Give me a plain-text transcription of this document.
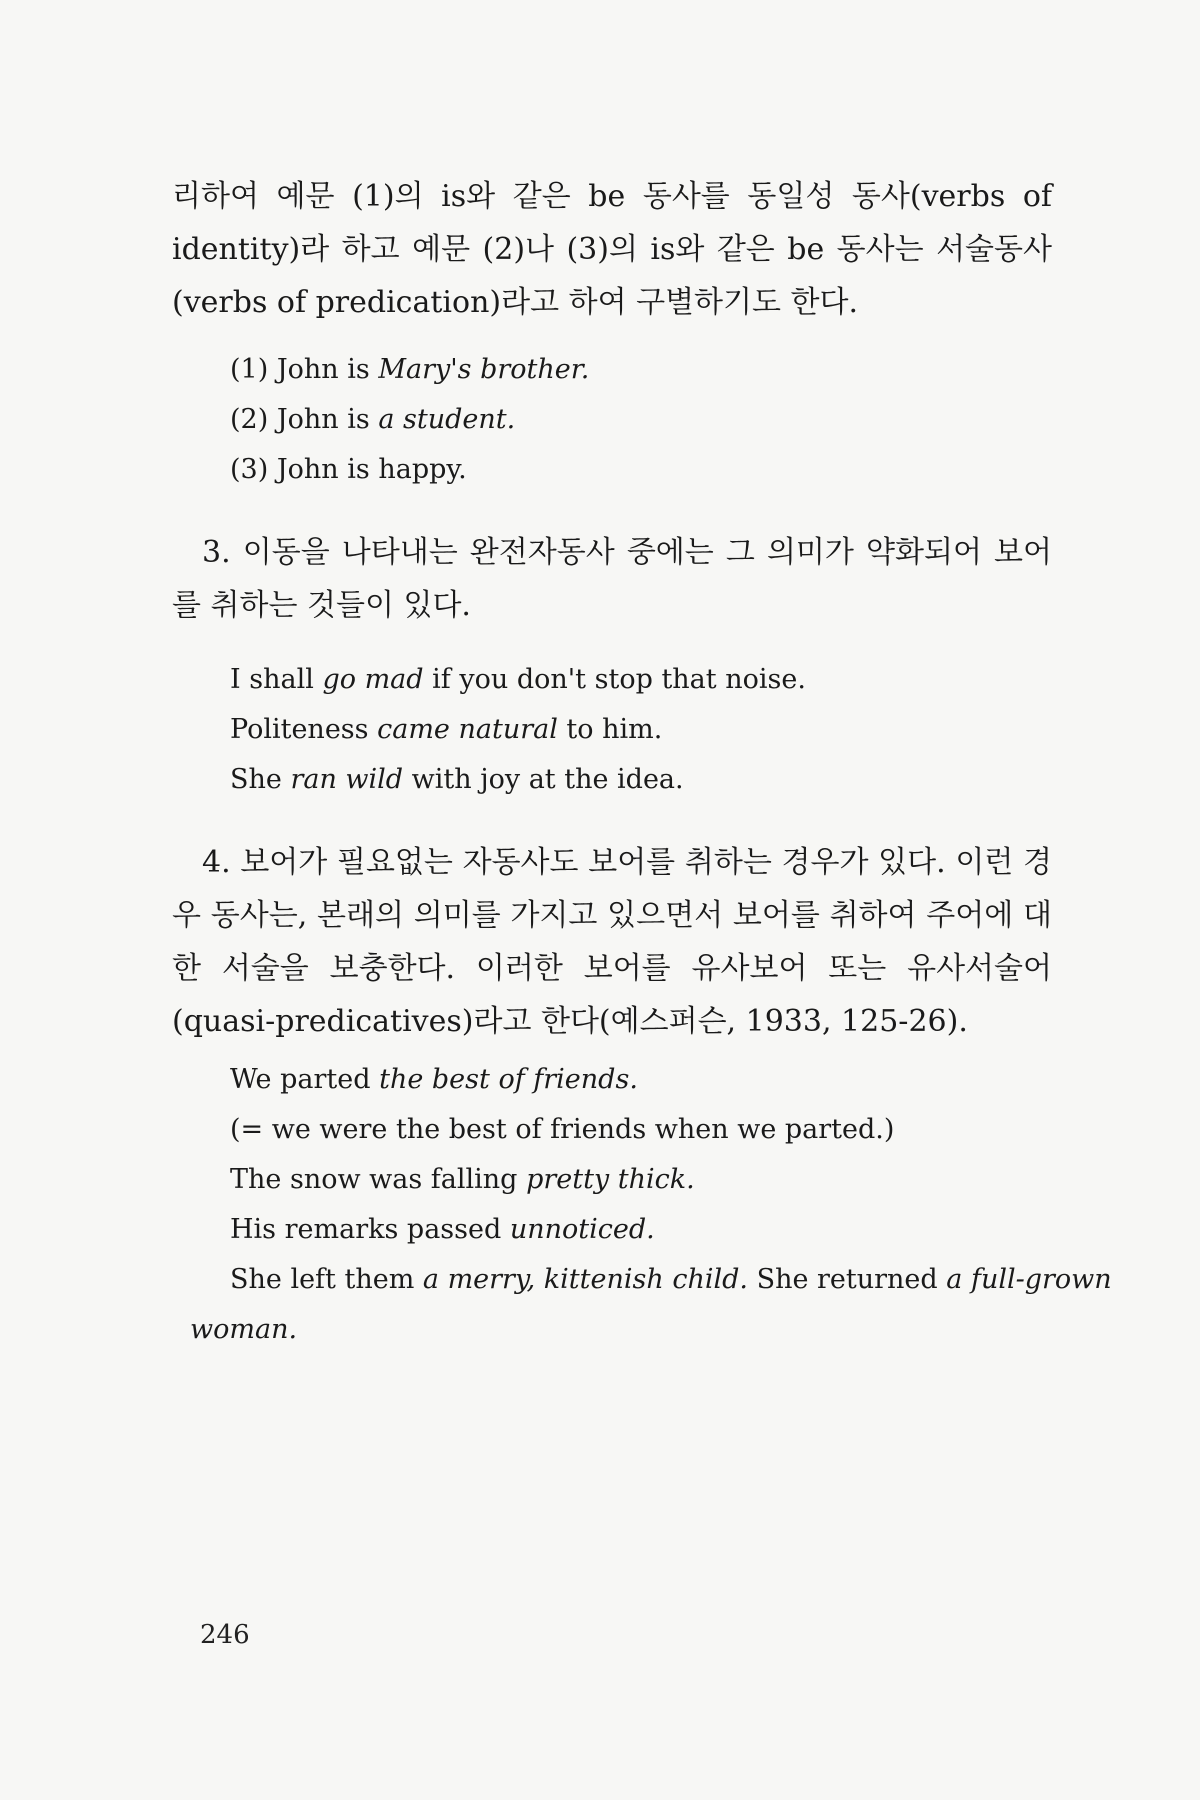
리하여 예문 (1)의 is와 같은 be 동사를 동일성 동사(verbs of identity)라 하고 예문 (2)나 (3)의 is와 같은 be 동사는 서술동사(verbs of predication)라고 하여 구별하기도 한다.
(1) John is Mary's brother.
(2) John is a student.
(3) John is happy.
3. 이동을 나타내는 완전자동사 중에는 그 의미가 약화되어 보어를 취하는 것들이 있다.
I shall go mad if you don't stop that noise.
Politeness came natural to him.
She ran wild with joy at the idea.
4. 보어가 필요없는 자동사도 보어를 취하는 경우가 있다. 이런 경우 동사는, 본래의 의미를 가지고 있으면서 보어를 취하여 주어에 대한 서술을 보충한다. 이러한 보어를 유사보어 또는 유사서술어(quasi-predicatives)라고 한다(예스퍼슨, 1933, 125-26).
We parted the best of friends.
(= we were the best of friends when we parted.)
The snow was falling pretty thick.
His remarks passed unnoticed.
She left them a merry, kittenish child. She returned a full-grown
woman.
246
